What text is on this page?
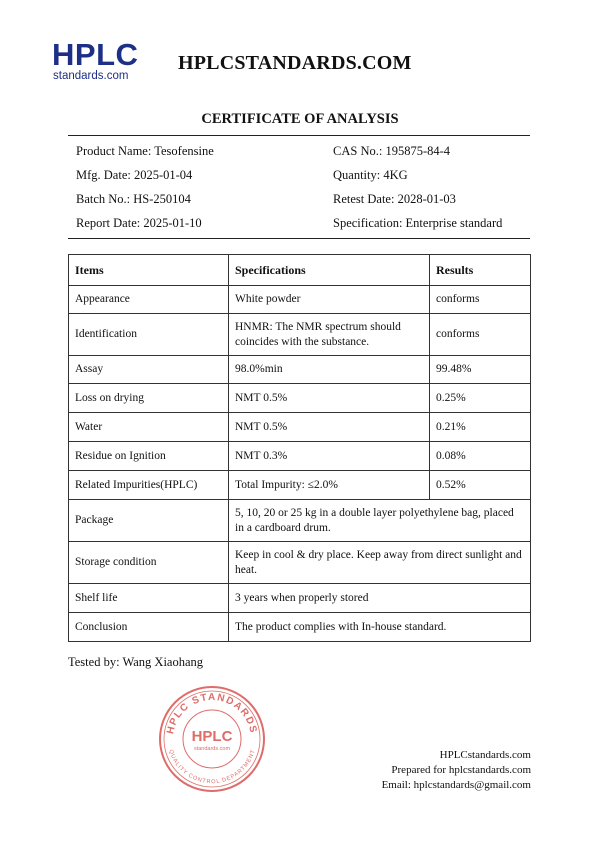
HPLC
standards.com
HPLCSTANDARDS.COM
CERTIFICATE OF ANALYSIS
Product Name: Tesofensine	CAS No.: 195875-84-4
Mfg. Date: 2025-01-04	Quantity: 4KG
Batch No.: HS-250104	Retest Date: 2028-01-03
Report Date: 2025-01-10	Specification: Enterprise standard
Items	Specifications	Results
Appearance	White powder	conforms
Identification	HNMR: The NMR spectrum should coincides with the substance.	conforms
Assay	98.0%min	99.48%
Loss on drying	NMT 0.5%	0.25%
Water	NMT 0.5%	0.21%
Residue on Ignition	NMT 0.3%	0.08%
Related Impurities(HPLC)	Total Impurity: ≤2.0%	0.52%
Package	5, 10, 20 or 25 kg in a double layer polyethylene bag, placed in a cardboard drum.	
Storage condition	Keep in cool & dry place. Keep away from direct sunlight and heat.	
Shelf life	3 years when properly stored	
Conclusion	The product complies with In-house standard.	
Tested by: Wang Xiaohang
HPLC STANDARDS
QUALITY CONTROL DEPARTMENT
HPLC
standards.com	HPLCstandards.com
Prepared for hplcstandards.com
Email: hplcstandards@gmail.com
